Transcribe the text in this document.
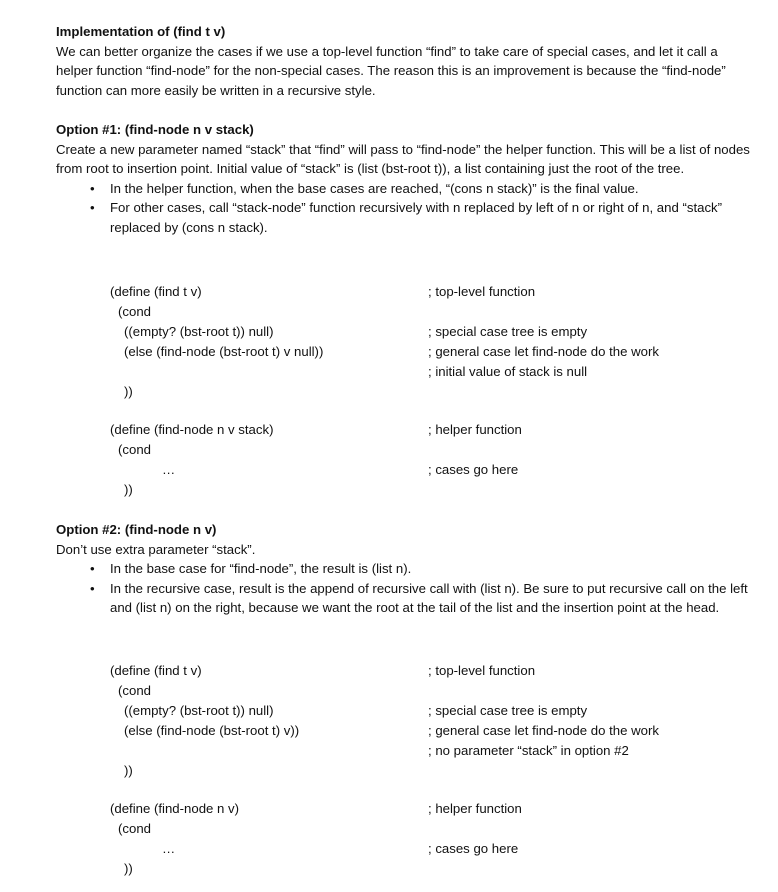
Implementation of (find t v)

We can better organize the cases if we use a top-level function “find” to take care of special cases, and let it call a helper function “find-node” for the non-special cases. The reason this is an improvement is because the “find-node” function can more easily be written in a recursive style.

Option #1: (find-node n v stack)

Create a new parameter named “stack” that “find” will pass to “find-node” the helper function. This will be a list of nodes from root to insertion point. Initial value of “stack” is (list (bst-root t)), a list containing just the root of the tree.

• In the helper function, when the base cases are reached, “(cons n stack)” is the final value.
• For other cases, call “stack-node” function recursively with n replaced by left of n or right of n, and “stack” replaced by (cons n stack).
(define (find t v)	; top-level function
(cond
((empty? (bst-root t)) null)	; special case tree is empty
(else (find-node (bst-root t) v null))	; general case let find-node do the work
; initial value of stack is null
))
(define (find-node n v stack)	; helper function
(cond
…	; cases go here
))
Option #2: (find-node n v)

Don’t use extra parameter “stack”.

• In the base case for “find-node”, the result is (list n).
• In the recursive case, result is the append of recursive call with (list n). Be sure to put recursive call on the left and (list n) on the right, because we want the root at the tail of the list and the insertion point at the head.
(define (find t v)	; top-level function
(cond
((empty? (bst-root t)) null)	; special case tree is empty
(else (find-node (bst-root t) v))	; general case let find-node do the work
; no parameter “stack” in option #2
))
(define (find-node n v)	; helper function
(cond
…	; cases go here
))
